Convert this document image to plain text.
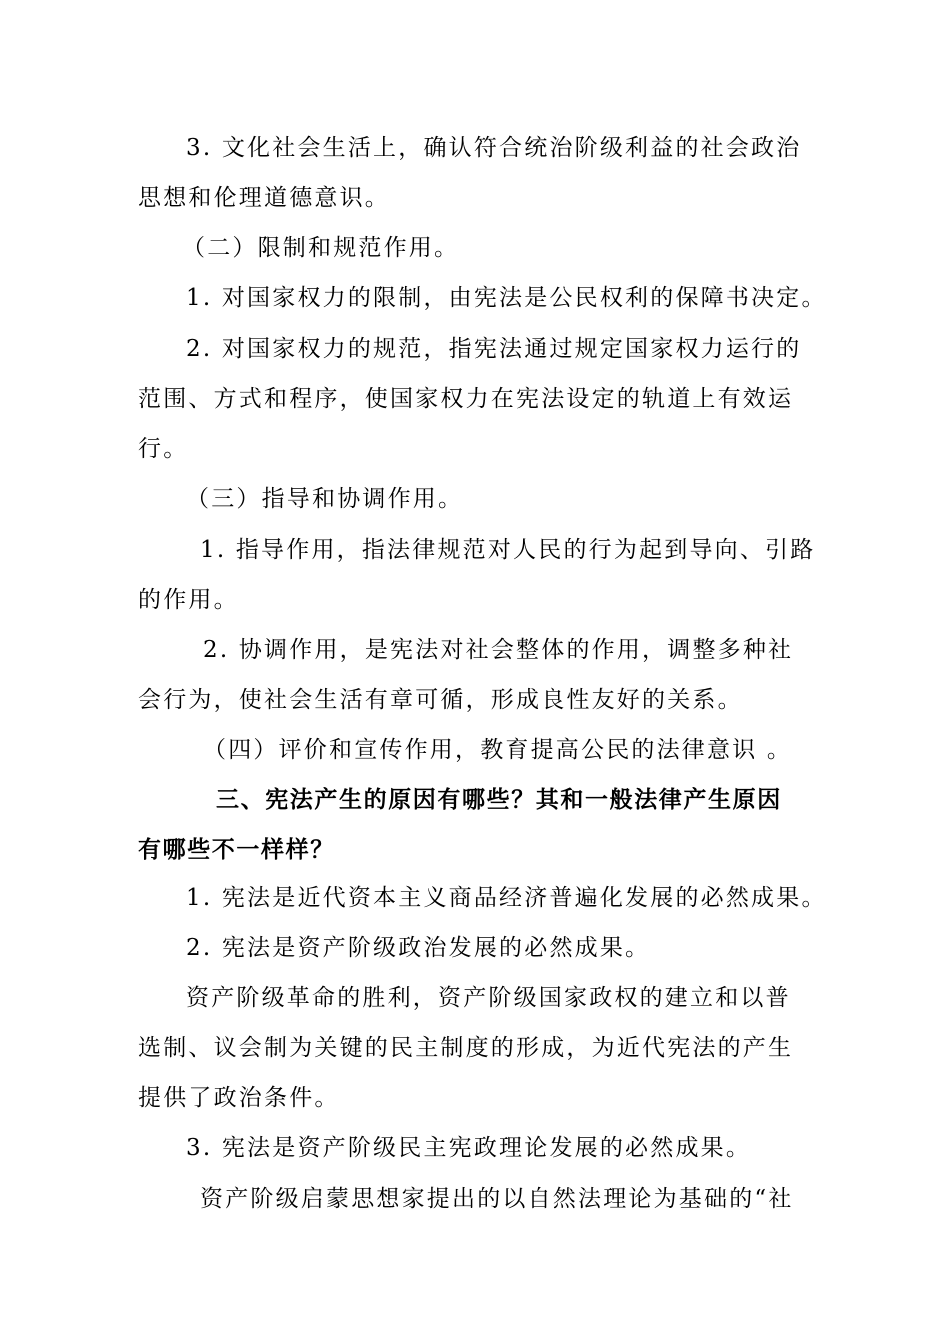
3. 文化社会生活上，确认符合统治阶级利益的社会政治
思想和伦理道德意识。
（二）限制和规范作用。
1. 对国家权力的限制，由宪法是公民权利的保障书决定。
2. 对国家权力的规范，指宪法通过规定国家权力运行的
范围、方式和程序，使国家权力在宪法设定的轨道上有效运
行。
（三）指导和协调作用。
1. 指导作用，指法律规范对人民的行为起到导向、引路
的作用。
2. 协调作用，是宪法对社会整体的作用，调整多种社
会行为，使社会生活有章可循，形成良性友好的关系。
（四）评价和宣传作用，教育提高公民的法律意识 。
三、宪法产生的原因有哪些？其和一般法律产生原因
有哪些不一样样？
1. 宪法是近代资本主义商品经济普遍化发展的必然成果。
2. 宪法是资产阶级政治发展的必然成果。
资产阶级革命的胜利，资产阶级国家政权的建立和以普
选制、议会制为关键的民主制度的形成，为近代宪法的产生
提供了政治条件。
3. 宪法是资产阶级民主宪政理论发展的必然成果。
资产阶级启蒙思想家提出的以自然法理论为基础的“社
